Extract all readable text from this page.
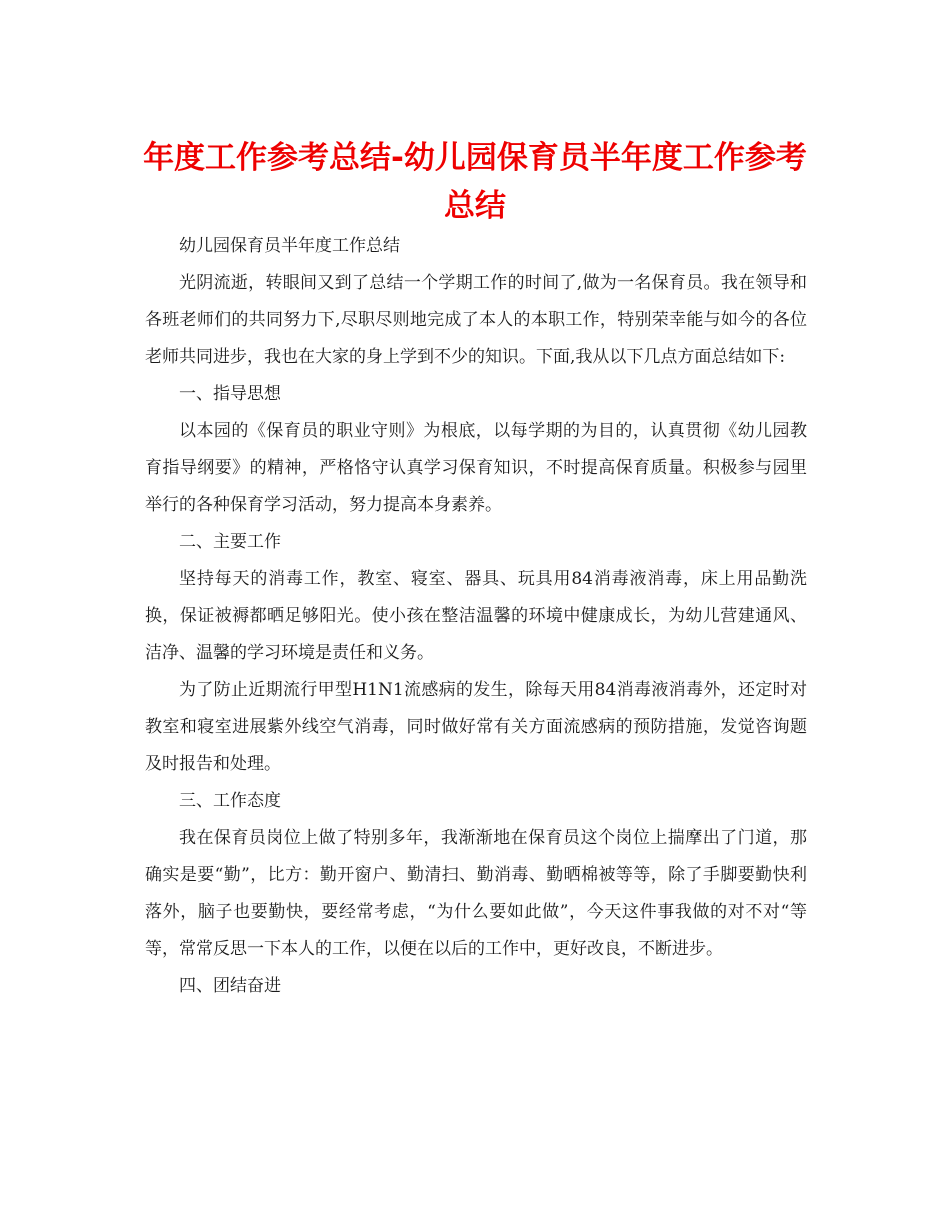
年度工作参考总结-幼儿园保育员半年度工作参考总结

幼儿园保育员半年度工作总结

光阴流逝，转眼间又到了总结一个学期工作的时间了,做为一名保育员。我在领导和各班老师们的共同努力下,尽职尽则地完成了本人的本职工作，特别荣幸能与如今的各位老师共同进步，我也在大家的身上学到不少的知识。下面,我从以下几点方面总结如下:

一、指导思想

以本园的《保育员的职业守则》为根底，以每学期的为目的，认真贯彻《幼儿园教育指导纲要》的精神，严格恪守认真学习保育知识，不时提高保育质量。积极参与园里举行的各种保育学习活动，努力提高本身素养。

二、主要工作

坚持每天的消毒工作，教室、寝室、器具、玩具用84消毒液消毒，床上用品勤洗换，保证被褥都晒足够阳光。使小孩在整洁温馨的环境中健康成长，为幼儿营建通风、洁净、温馨的学习环境是责任和义务。

为了防止近期流行甲型H1N1流感病的发生，除每天用84消毒液消毒外，还定时对教室和寝室进展紫外线空气消毒，同时做好常有关方面流感病的预防措施，发觉咨询题及时报告和处理。

三、工作态度

我在保育员岗位上做了特别多年，我渐渐地在保育员这个岗位上揣摩出了门道，那确实是要“勤”，比方：勤开窗户、勤清扫、勤消毒、勤晒棉被等等，除了手脚要勤快利落外，脑子也要勤快，要经常考虑，“为什么要如此做”，今天这件事我做的对不对“等等，常常反思一下本人的工作，以便在以后的工作中，更好改良，不断进步。

四、团结奋进
